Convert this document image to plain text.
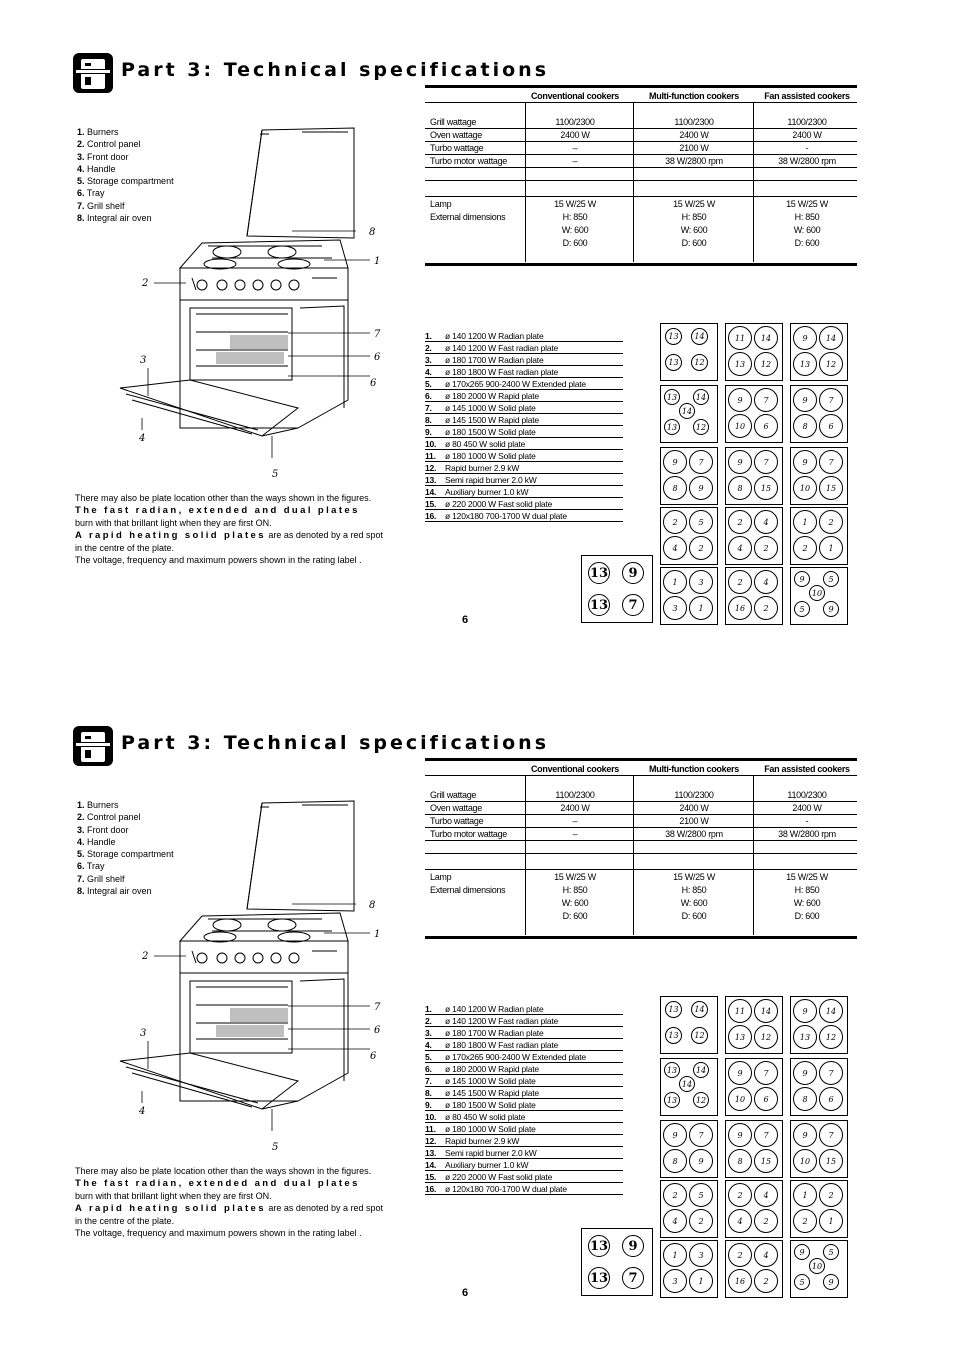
Part 3: Technical specifications
1. Burners
2. Control panel
3. Front door
4. Handle
5. Storage compartment
6. Tray
7. Grill shelf
8. Integral air oven
8
1
2
7
3	6
6
4
5

There may also be plate location other than the ways shown in the figures.

The fast radian, extended and dual plates
burn with that brillant light when they are first ON.

A rapid heating solid plates are as denoted by a red spot in the centre of the plate.

The voltage, frequency and maximum powers shown in the rating label .

Conventional cookers	Multi-function cookers	Fan assisted cookers
Grill wattage	1100/2300	1100/2300	1100/2300
Oven wattage	2400 W	2400 W	2400 W
Turbo wattage	–	2100 W	-
Turbo motor wattage	–	38 W/2800 rpm	38 W/2800 rpm
Lamp	15 W/25 W	15 W/25 W	15 W/25 W
External dimensions	H: 850	H: 850	H: 850
W: 600	W: 600	W: 600
D: 600	D: 600	D: 600
1. ø 140 1200 W Radian plate
2. ø 140 1200 W Fast radian plate
3. ø 180 1700 W Radian plate
4. ø 180 1800 W Fast radian plate
5. ø 170x265 900-2400 W Extended plate
6. ø 180 2000 W Rapid plate
7. ø 145 1000 W Solid plate
8. ø 145 1500 W Rapid plate
9. ø 180 1500 W Solid plate
10. ø 80 450 W solid plate
11. ø 180 1000 W Solid plate
12. Rapid burner 2.9 kW
13. Semi rapid burner 2.0 kW
14. Auxiliary burner 1.0 kW
15. ø 220 2000 W Fast solid plate
16. ø 120x180 700-1700 W dual plate
6
13	9
13	7
13	14
13	12
11	14
13	12
9	14
13	12
13	14
14
13	12
9	7
10	6
9	7
8	6
9	7
8	9
9	7
8	15
9	7
10	15
2	5
4	2
2	4
4	2
1	2
2	1
1	3
3	1
2	4
16	2
9	5
10
5	9
Part 3: Technical specifications
1. Burners
2. Control panel
3. Front door
4. Handle
5. Storage compartment
6. Tray
7. Grill shelf
8. Integral air oven
8
1
2
7
3	6
6
4
5

There may also be plate location other than the ways shown in the figures.

The fast radian, extended and dual plates
burn with that brillant light when they are first ON.

A rapid heating solid plates are as denoted by a red spot in the centre of the plate.

The voltage, frequency and maximum powers shown in the rating label .

Conventional cookers	Multi-function cookers	Fan assisted cookers
Grill wattage	1100/2300	1100/2300	1100/2300
Oven wattage	2400 W	2400 W	2400 W
Turbo wattage	–	2100 W	-
Turbo motor wattage	–	38 W/2800 rpm	38 W/2800 rpm
Lamp	15 W/25 W	15 W/25 W	15 W/25 W
External dimensions	H: 850	H: 850	H: 850
W: 600	W: 600	W: 600
D: 600	D: 600	D: 600
1. ø 140 1200 W Radian plate
2. ø 140 1200 W Fast radian plate
3. ø 180 1700 W Radian plate
4. ø 180 1800 W Fast radian plate
5. ø 170x265 900-2400 W Extended plate
6. ø 180 2000 W Rapid plate
7. ø 145 1000 W Solid plate
8. ø 145 1500 W Rapid plate
9. ø 180 1500 W Solid plate
10. ø 80 450 W solid plate
11. ø 180 1000 W Solid plate
12. Rapid burner 2.9 kW
13. Semi rapid burner 2.0 kW
14. Auxiliary burner 1.0 kW
15. ø 220 2000 W Fast solid plate
16. ø 120x180 700-1700 W dual plate
6
13	9
13	7
13	14
13	12
11	14
13	12
9	14
13	12
13	14
14
13	12
9	7
10	6
9	7
8	6
9	7
8	9
9	7
8	15
9	7
10	15
2	5
4	2
2	4
4	2
1	2
2	1
1	3
3	1
2	4
16	2
9	5
10
5	9
